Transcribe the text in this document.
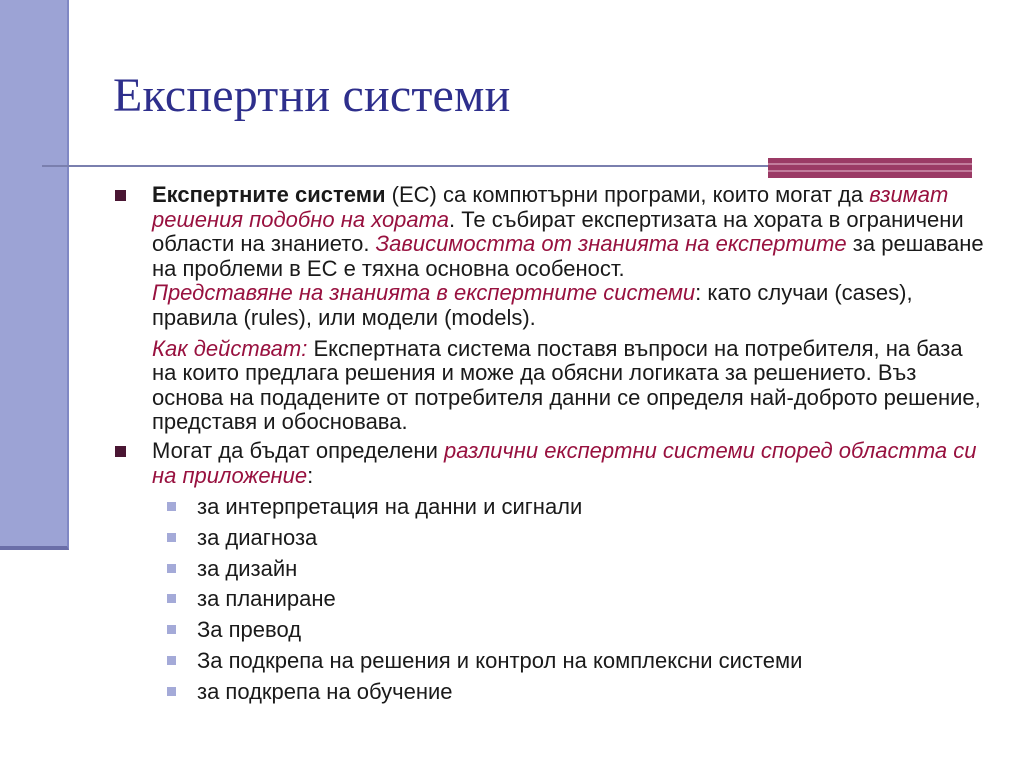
Експертни системи
Експертните системи (ЕС) са компютърни програми, които могат да взимат решения подобно на хората. Те събират експертизата на хората в ограничени области на знанието. Зависимостта от знанията на експертите за решаване на проблеми в ЕС е тяхна основна особеност.
Представяне на знанията в експертните системи: като случаи (cases), правила (rules), или модели (models).
Как действат: Експертната система поставя въпроси на потребителя, на база на които предлага решения и може да обясни логиката за решението. Въз основа на подадените от потребителя данни се определя най-доброто решение, представя и обосновава.
Могат да бъдат определени различни експертни системи според областта си на приложение:
за интерпретация на данни и сигнали
за диагноза
за дизайн
за планиране
За превод
За подкрепа на решения и контрол на комплексни системи
за подкрепа на обучение
